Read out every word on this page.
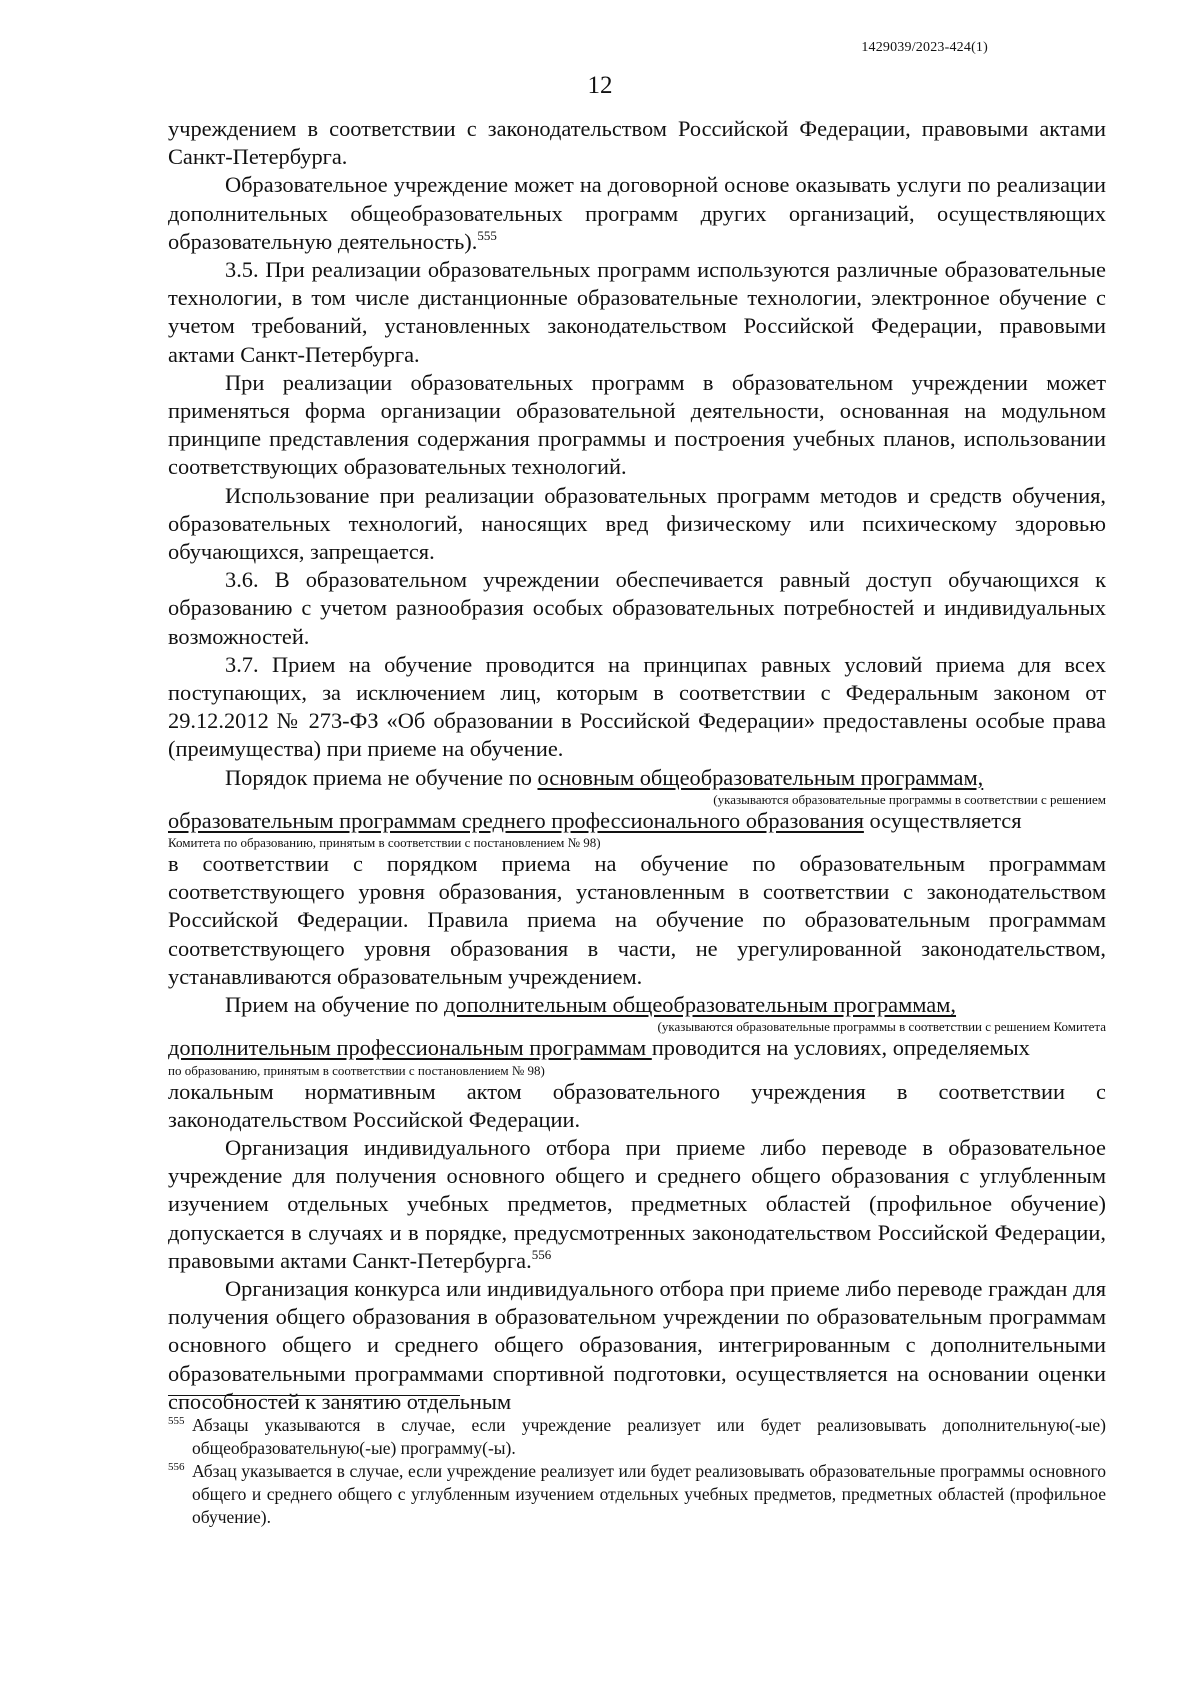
1429039/2023-424(1)
12

учреждением в соответствии с законодательством Российской Федерации, правовыми актами Санкт-Петербурга.

Образовательное учреждение может на договорной основе оказывать услуги по реализации дополнительных общеобразовательных программ других организаций, осуществляющих образовательную деятельность).$^{555}$

3.5. При реализации образовательных программ используются различные образовательные технологии, в том числе дистанционные образовательные технологии, электронное обучение с учетом требований, установленных законодательством Российской Федерации, правовыми актами Санкт-Петербурга.

При реализации образовательных программ в образовательном учреждении может применяться форма организации образовательной деятельности, основанная на модульном принципе представления содержания программы и построения учебных планов, использовании соответствующих образовательных технологий.

Использование при реализации образовательных программ методов и средств обучения, образовательных технологий, наносящих вред физическому или психическому здоровью обучающихся, запрещается.

3.6. В образовательном учреждении обеспечивается равный доступ обучающихся к образованию с учетом разнообразия особых образовательных потребностей и индивидуальных возможностей.

3.7. Прием на обучение проводится на принципах равных условий приема для всех поступающих, за исключением лиц, которым в соответствии с Федеральным законом от 29.12.2012 № 273-ФЗ «Об образовании в Российской Федерации» предоставлены особые права (преимущества) при приеме на обучение.

Порядок приема не обучение по основным общеобразовательным программам,

(указываются образовательные программы в соответствии с решением

образовательным программам среднего профессионального образования осуществляется

Комитета по образованию, принятым в соответствии с постановлением № 98)

в соответствии с порядком приема на обучение по образовательным программам соответствующего уровня образования, установленным в соответствии с законодательством Российской Федерации. Правила приема на обучение по образовательным программам соответствующего уровня образования в части, не урегулированной законодательством, устанавливаются образовательным учреждением.

Прием на обучение по дополнительным общеобразовательным программам,

(указываются образовательные программы в соответствии с решением Комитета

дополнительным профессиональным программам проводится на условиях, определяемых

по образованию, принятым в соответствии с постановлением № 98)

локальным нормативным актом образовательного учреждения в соответствии с законодательством Российской Федерации.

Организация индивидуального отбора при приеме либо переводе в образовательное учреждение для получения основного общего и среднего общего образования с углубленным изучением отдельных учебных предметов, предметных областей (профильное обучение) допускается в случаях и в порядке, предусмотренных законодательством Российской Федерации, правовыми актами Санкт-Петербурга.$^{556}$

Организация конкурса или индивидуального отбора при приеме либо переводе граждан для получения общего образования в образовательном учреждении по образовательным программам основного общего и среднего общего образования, интегрированным с дополнительными образовательными программами спортивной подготовки, осуществляется на основании оценки способностей к занятию отдельным

555 Абзацы указываются в случае, если учреждение реализует или будет реализовывать дополнительную(-ые) общеобразовательную(-ые) программу(-ы).

556 Абзац указывается в случае, если учреждение реализует или будет реализовывать образовательные программы основного общего и среднего общего с углубленным изучением отдельных учебных предметов, предметных областей (профильное обучение).
